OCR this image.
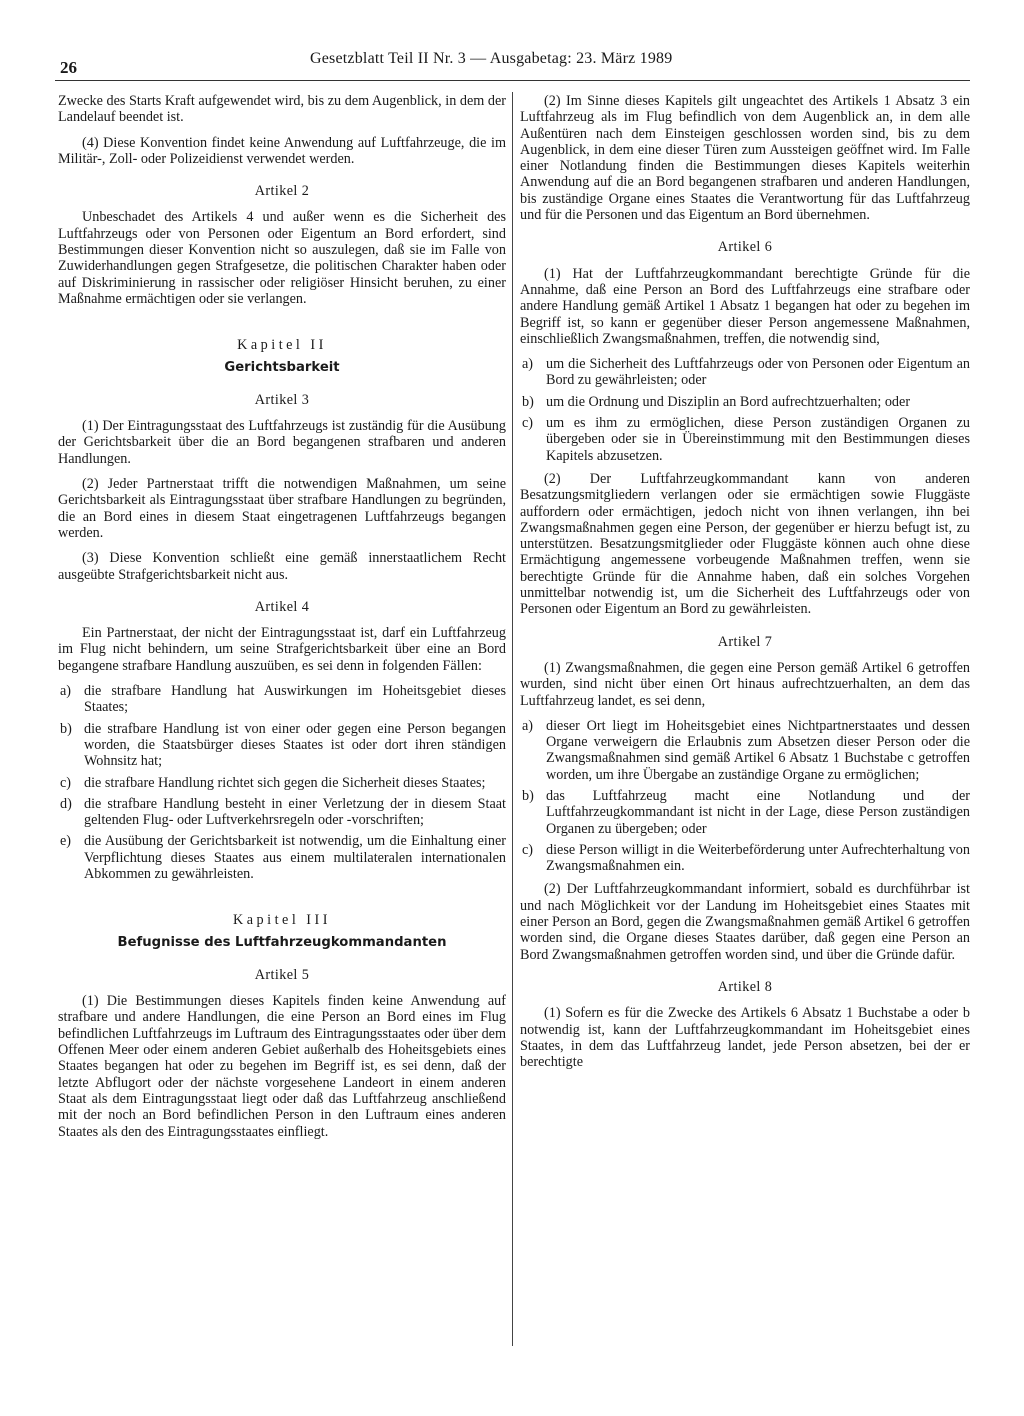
26	Gesetzblatt Teil II Nr. 3 — Ausgabetag: 23. März 1989

Zwecke des Starts Kraft aufgewendet wird, bis zu dem Augenblick, in dem der Landelauf beendet ist.

(4) Diese Konvention findet keine Anwendung auf Luftfahrzeuge, die im Militär-, Zoll- oder Polizeidienst verwendet werden.

Artikel 2

Unbeschadet des Artikels 4 und außer wenn es die Sicherheit des Luftfahrzeugs oder von Personen oder Eigentum an Bord erfordert, sind Bestimmungen dieser Konvention nicht so auszulegen, daß sie im Falle von Zuwiderhandlungen gegen Strafgesetze, die politischen Charakter haben oder auf Diskriminierung in rassischer oder religiöser Hinsicht beruhen, zu einer Maßnahme ermächtigen oder sie verlangen.

Kapitel II
Gerichtsbarkeit
Artikel 3

(1) Der Eintragungsstaat des Luftfahrzeugs ist zuständig für die Ausübung der Gerichtsbarkeit über die an Bord begangenen strafbaren und anderen Handlungen.

(2) Jeder Partnerstaat trifft die notwendigen Maßnahmen, um seine Gerichtsbarkeit als Eintragungsstaat über strafbare Handlungen zu begründen, die an Bord eines in diesem Staat eingetragenen Luftfahrzeugs begangen werden.

(3) Diese Konvention schließt eine gemäß innerstaatlichem Recht ausgeübte Strafgerichtsbarkeit nicht aus.

Artikel 4

Ein Partnerstaat, der nicht der Eintragungsstaat ist, darf ein Luftfahrzeug im Flug nicht behindern, um seine Strafgerichtsbarkeit über eine an Bord begangene strafbare Handlung auszuüben, es sei denn in folgenden Fällen:

a) die strafbare Handlung hat Auswirkungen im Hoheitsgebiet dieses Staates;
b) die strafbare Handlung ist von einer oder gegen eine Person begangen worden, die Staatsbürger dieses Staates ist oder dort ihren ständigen Wohnsitz hat;
c) die strafbare Handlung richtet sich gegen die Sicherheit dieses Staates;
d) die strafbare Handlung besteht in einer Verletzung der in diesem Staat geltenden Flug- oder Luftverkehrsregeln oder -vorschriften;
e) die Ausübung der Gerichtsbarkeit ist notwendig, um die Einhaltung einer Verpflichtung dieses Staates aus einem multilateralen internationalen Abkommen zu gewährleisten.
Kapitel III
Befugnisse des Luftfahrzeugkommandanten
Artikel 5

(1) Die Bestimmungen dieses Kapitels finden keine Anwendung auf strafbare und andere Handlungen, die eine Person an Bord eines im Flug befindlichen Luftfahrzeugs im Luftraum des Eintragungsstaates oder über dem Offenen Meer oder einem anderen Gebiet außerhalb des Hoheitsgebiets eines Staates begangen hat oder zu begehen im Begriff ist, es sei denn, daß der letzte Abflugort oder der nächste vorgesehene Landeort in einem anderen Staat als dem Eintragungsstaat liegt oder daß das Luftfahrzeug anschließend mit der noch an Bord befindlichen Person in den Luftraum eines anderen Staates als den des Eintragungsstaates einfliegt.

(2) Im Sinne dieses Kapitels gilt ungeachtet des Artikels 1 Absatz 3 ein Luftfahrzeug als im Flug befindlich von dem Augenblick an, in dem alle Außentüren nach dem Einsteigen geschlossen worden sind, bis zu dem Augenblick, in dem eine dieser Türen zum Aussteigen geöffnet wird. Im Falle einer Notlandung finden die Bestimmungen dieses Kapitels weiterhin Anwendung auf die an Bord begangenen strafbaren und anderen Handlungen, bis zuständige Organe eines Staates die Verantwortung für das Luftfahrzeug und für die Personen und das Eigentum an Bord übernehmen.

Artikel 6

(1) Hat der Luftfahrzeugkommandant berechtigte Gründe für die Annahme, daß eine Person an Bord des Luftfahrzeugs eine strafbare oder andere Handlung gemäß Artikel 1 Absatz 1 begangen hat oder zu begehen im Begriff ist, so kann er gegenüber dieser Person angemessene Maßnahmen, einschließlich Zwangsmaßnahmen, treffen, die notwendig sind,

a) um die Sicherheit des Luftfahrzeugs oder von Personen oder Eigentum an Bord zu gewährleisten; oder
b) um die Ordnung und Disziplin an Bord aufrechtzuerhalten; oder
c) um es ihm zu ermöglichen, diese Person zuständigen Organen zu übergeben oder sie in Übereinstimmung mit den Bestimmungen dieses Kapitels abzusetzen.

(2) Der Luftfahrzeugkommandant kann von anderen Besatzungsmitgliedern verlangen oder sie ermächtigen sowie Fluggäste auffordern oder ermächtigen, jedoch nicht von ihnen verlangen, ihn bei Zwangsmaßnahmen gegen eine Person, der gegenüber er hierzu befugt ist, zu unterstützen. Besatzungsmitglieder oder Fluggäste können auch ohne diese Ermächtigung angemessene vorbeugende Maßnahmen treffen, wenn sie berechtigte Gründe für die Annahme haben, daß ein solches Vorgehen unmittelbar notwendig ist, um die Sicherheit des Luftfahrzeugs oder von Personen oder Eigentum an Bord zu gewährleisten.

Artikel 7

(1) Zwangsmaßnahmen, die gegen eine Person gemäß Artikel 6 getroffen wurden, sind nicht über einen Ort hinaus aufrechtzuerhalten, an dem das Luftfahrzeug landet, es sei denn,

a) dieser Ort liegt im Hoheitsgebiet eines Nichtpartnerstaates und dessen Organe verweigern die Erlaubnis zum Absetzen dieser Person oder die Zwangsmaßnahmen sind gemäß Artikel 6 Absatz 1 Buchstabe c getroffen worden, um ihre Übergabe an zuständige Organe zu ermöglichen;
b) das Luftfahrzeug macht eine Notlandung und der Luftfahrzeugkommandant ist nicht in der Lage, diese Person zuständigen Organen zu übergeben; oder
c) diese Person willigt in die Weiterbeförderung unter Aufrechterhaltung von Zwangsmaßnahmen ein.

(2) Der Luftfahrzeugkommandant informiert, sobald es durchführbar ist und nach Möglichkeit vor der Landung im Hoheitsgebiet eines Staates mit einer Person an Bord, gegen die Zwangsmaßnahmen gemäß Artikel 6 getroffen worden sind, die Organe dieses Staates darüber, daß gegen eine Person an Bord Zwangsmaßnahmen getroffen worden sind, und über die Gründe dafür.

Artikel 8

(1) Sofern es für die Zwecke des Artikels 6 Absatz 1 Buchstabe a oder b notwendig ist, kann der Luftfahrzeugkommandant im Hoheitsgebiet eines Staates, in dem das Luftfahrzeug landet, jede Person absetzen, bei der er berechtigte
